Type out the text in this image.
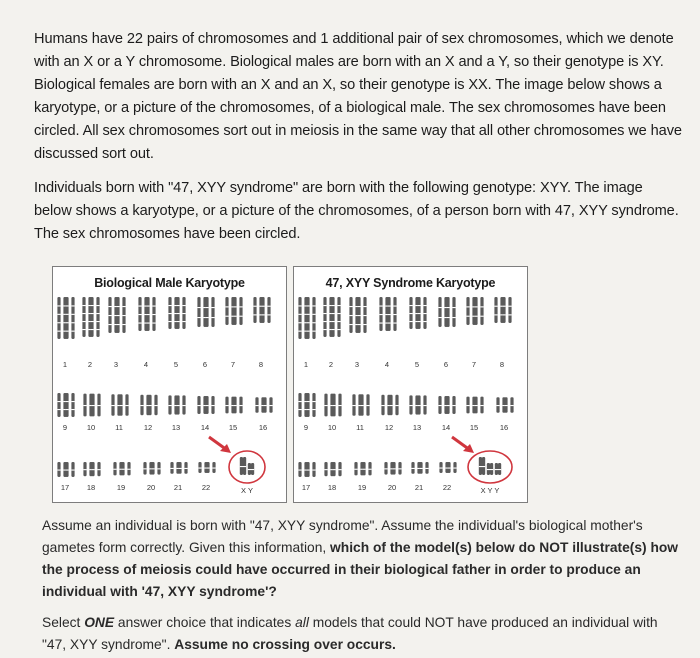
Humans have 22 pairs of chromosomes and 1 additional pair of sex chromosomes, which we denote with an X or a Y chromosome. Biological males are born with an X and a Y, so their genotype is XY. Biological females are born with an X and an X, so their genotype is XX. The image below shows a karyotype, or a picture of the chromosomes, of a biological male. The sex chromosomes have been circled. All sex chromosomes sort out in meiosis in the same way that all other chromosomes we have discussed sort out.
Individuals born with "47, XYY syndrome" are born with the following genotype: XYY. The image below shows a karyotype, or a picture of the chromosomes, of a person born with 47, XYY syndrome. The sex chromosomes have been circled.
Biological Male Karyotype
1	2	3	4	5	6	7	8
9	10	11	12	13	14	15	16
17 18	19	20 21	22	X Y
47, XYY Syndrome Karyotype
1	2	3	4	5	6	7	8
9	10	11	12	13	14	15	16
17 18	19	20 21	22	X Y Y
Assume an individual is born with "47, XYY syndrome". Assume the individual's biological mother's gametes form correctly. Given this information, which of the model(s) below do NOT illustrate(s) how the process of meiosis could have occurred in their biological father in order to produce an individual with '47, XYY syndrome'?
Select ONE answer choice that indicates all models that could NOT have produced an individual with "47, XYY syndrome". Assume no crossing over occurs.
